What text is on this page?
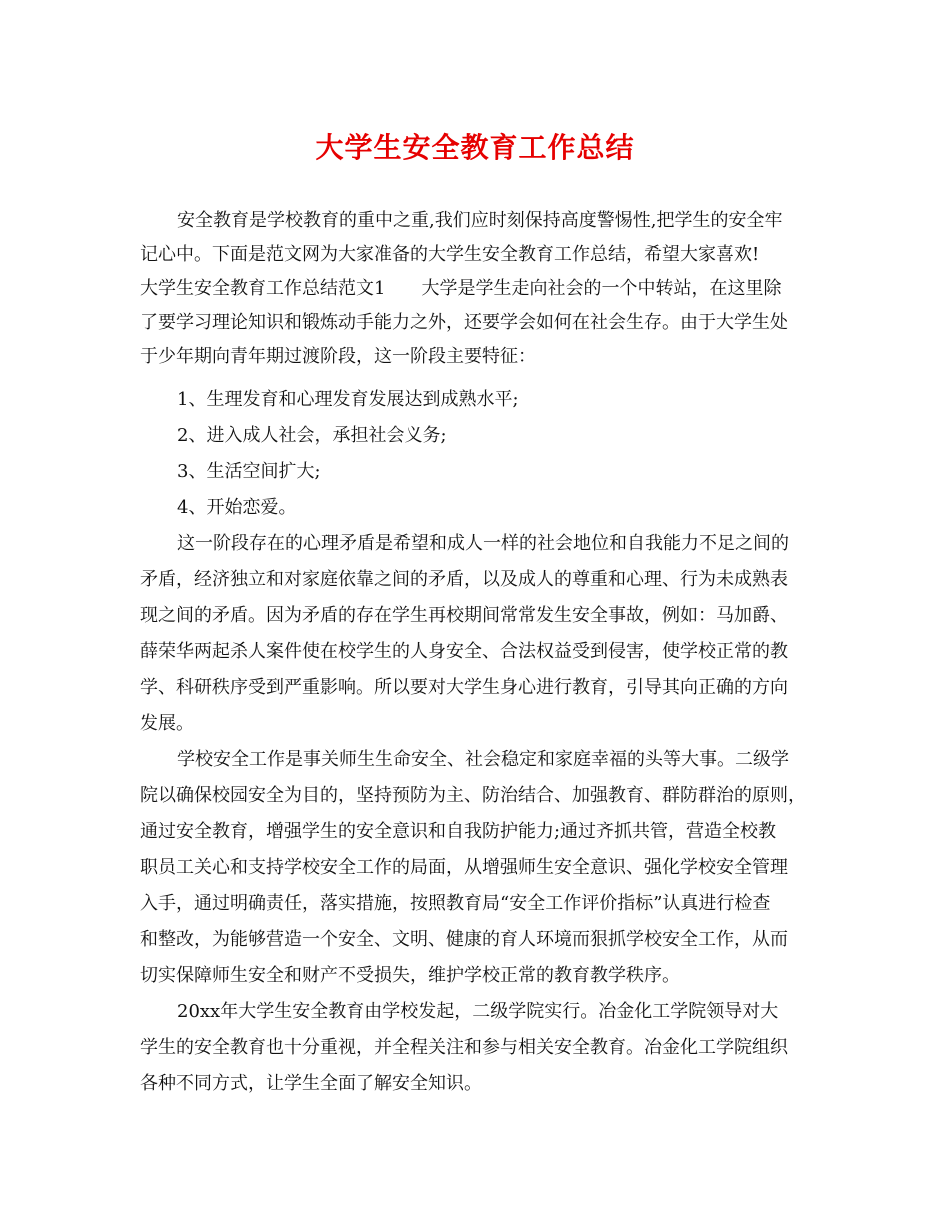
大学生安全教育工作总结
安全教育是学校教育的重中之重,我们应时刻保持高度警惕性,把学生的安全牢
记心中。下面是范文网为大家准备的大学生安全教育工作总结，希望大家喜欢!
大学生安全教育工作总结范文1　　大学是学生走向社会的一个中转站，在这里除
了要学习理论知识和锻炼动手能力之外，还要学会如何在社会生存。由于大学生处
于少年期向青年期过渡阶段，这一阶段主要特征：
1、生理发育和心理发育发展达到成熟水平;
2、进入成人社会，承担社会义务;
3、生活空间扩大;
4、开始恋爱。
这一阶段存在的心理矛盾是希望和成人一样的社会地位和自我能力不足之间的
矛盾，经济独立和对家庭依靠之间的矛盾，以及成人的尊重和心理、行为未成熟表
现之间的矛盾。因为矛盾的存在学生再校期间常常发生安全事故，例如：马加爵、
薛荣华两起杀人案件使在校学生的人身安全、合法权益受到侵害，使学校正常的教
学、科研秩序受到严重影响。所以要对大学生身心进行教育，引导其向正确的方向
发展。
学校安全工作是事关师生生命安全、社会稳定和家庭幸福的头等大事。二级学
院以确保校园安全为目的，坚持预防为主、防治结合、加强教育、群防群治的原则，
通过安全教育，增强学生的安全意识和自我防护能力;通过齐抓共管，营造全校教
职员工关心和支持学校安全工作的局面，从增强师生安全意识、强化学校安全管理
入手，通过明确责任，落实措施，按照教育局“安全工作评价指标”认真进行检查
和整改，为能够营造一个安全、文明、健康的育人环境而狠抓学校安全工作，从而
切实保障师生安全和财产不受损失，维护学校正常的教育教学秩序。
20xx年大学生安全教育由学校发起，二级学院实行。冶金化工学院领导对大
学生的安全教育也十分重视，并全程关注和参与相关安全教育。冶金化工学院组织
各种不同方式，让学生全面了解安全知识。
